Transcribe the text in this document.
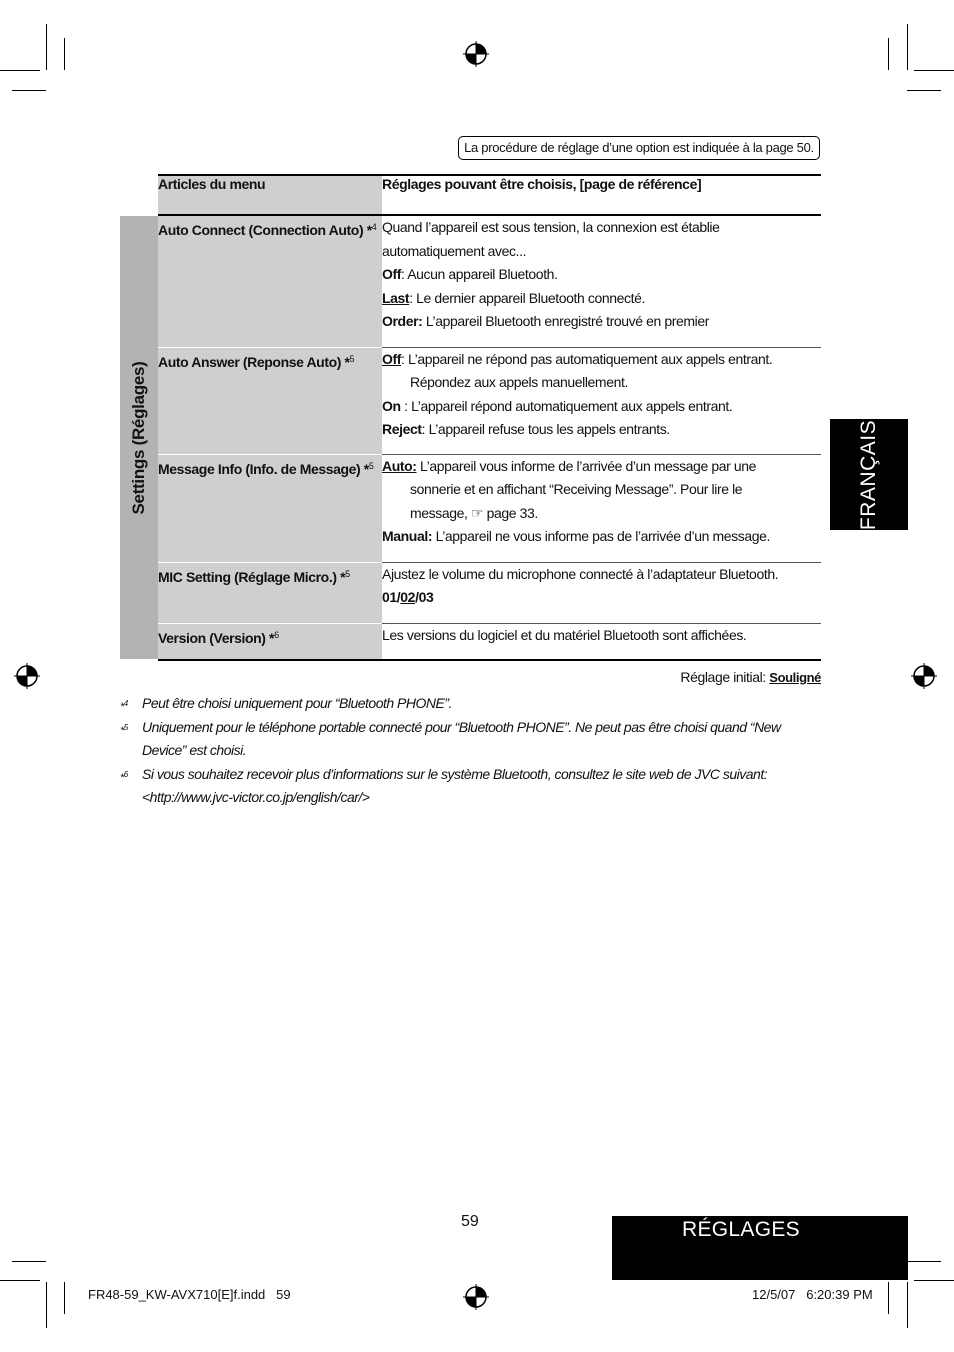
La procédure de réglage d’une option est indiquée à la page 50.
Settings (Réglages)
Articles du menu	Réglages pouvant être choisis, [page de référence]
Auto Connect (Connection Auto) *$^4$	Quand l’appareil est sous tension, la connexion est établie automatiquement avec...
Off: Aucun appareil Bluetooth.
Last: Le dernier appareil Bluetooth connecté.
Order: L’appareil Bluetooth enregistré trouvé en premier

Auto Answer (Reponse Auto) *$^5$	Off: L’appareil ne répond pas automatiquement aux appels entrant.
Répondez aux appels manuellement.
On : L’appareil répond automatiquement aux appels entrant.
Reject: L’appareil refuse tous les appels entrants.

Message Info (Info. de Message) *$^5$	Auto: L’appareil vous informe de l’arrivée d’un message par une
sonnerie et en affichant “Receiving Message”. Pour lire le
message, ☞ page 33.
Manual: L’appareil ne vous informe pas de l’arrivée d’un message.

MIC Setting (Réglage Micro.) *$^5$	Ajustez le volume du microphone connecté à l’adaptateur Bluetooth.
01/02/03

Version (Version) *$^6$	Les versions du logiciel et du matériel Bluetooth sont affichées.
Réglage initial: Souligné
*$^4$ Peut être choisi uniquement pour “Bluetooth PHONE”.
*$^5$ Uniquement pour le téléphone portable connecté pour “Bluetooth PHONE”. Ne peut pas être choisi quand “New Device” est choisi.
*$^6$ Si vous souhaitez recevoir plus d’informations sur le système Bluetooth, consultez le site web de JVC suivant: <http://www.jvc-victor.co.jp/english/car/>
FRANÇAIS
59	RÉGLAGES
FR48-59_KW-AVX710[E]f.indd   59	12/5/07   6:20:39 PM
